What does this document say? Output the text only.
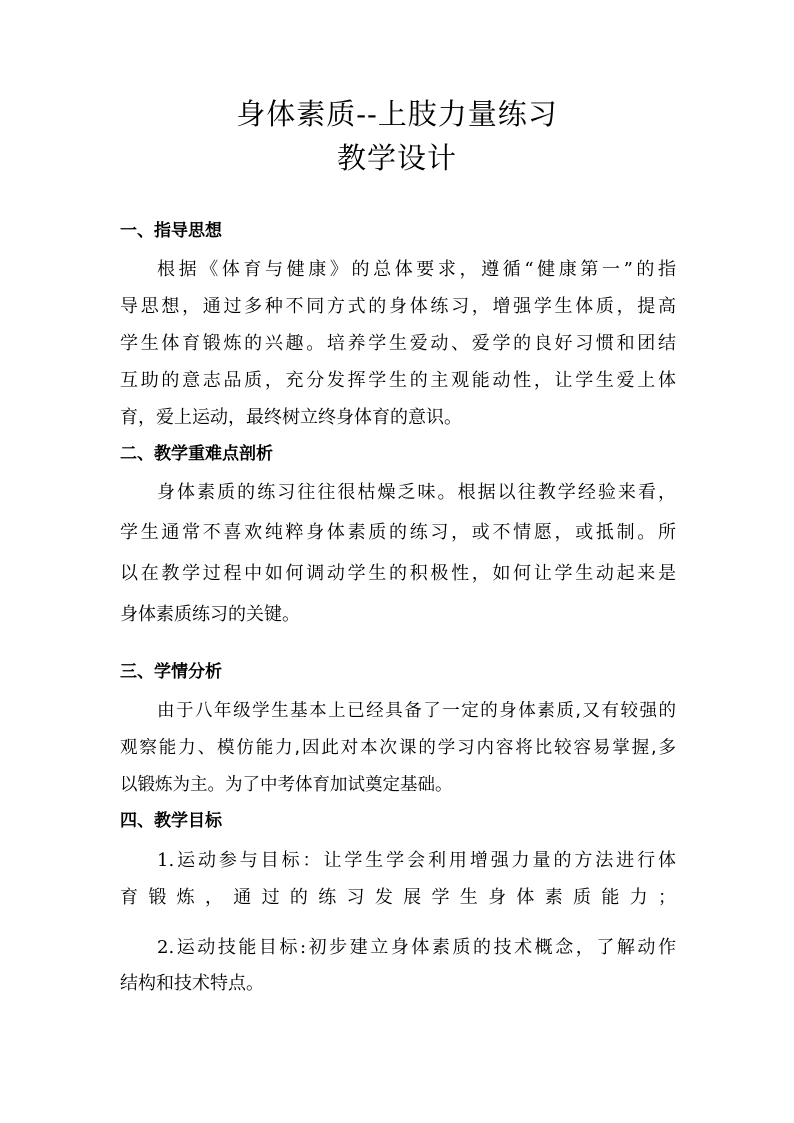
身体素质--上肢力量练习
教学设计
一、指导思想
根据《体育与健康》的总体要求，遵循“健康第一”的指
导思想，通过多种不同方式的身体练习，增强学生体质，提高
学生体育锻炼的兴趣。培养学生爱动、爱学的良好习惯和团结
互助的意志品质，充分发挥学生的主观能动性，让学生爱上体
育，爱上运动，最终树立终身体育的意识。
二、教学重难点剖析
身体素质的练习往往很枯燥乏味。根据以往教学经验来看，
学生通常不喜欢纯粹身体素质的练习，或不情愿，或抵制。所
以在教学过程中如何调动学生的积极性，如何让学生动起来是
身体素质练习的关键。
三、学情分析
由于八年级学生基本上已经具备了一定的身体素质,又有较强的
观察能力、模仿能力,因此对本次课的学习内容将比较容易掌握,多
以锻炼为主。为了中考体育加试奠定基础。
四、教学目标
1.运动参与目标：让学生学会利用增强力量的方法进行体
育锻炼，通过的练习发展学生身体素质能力；
2.运动技能目标:初步建立身体素质的技术概念，了解动作
结构和技术特点。
